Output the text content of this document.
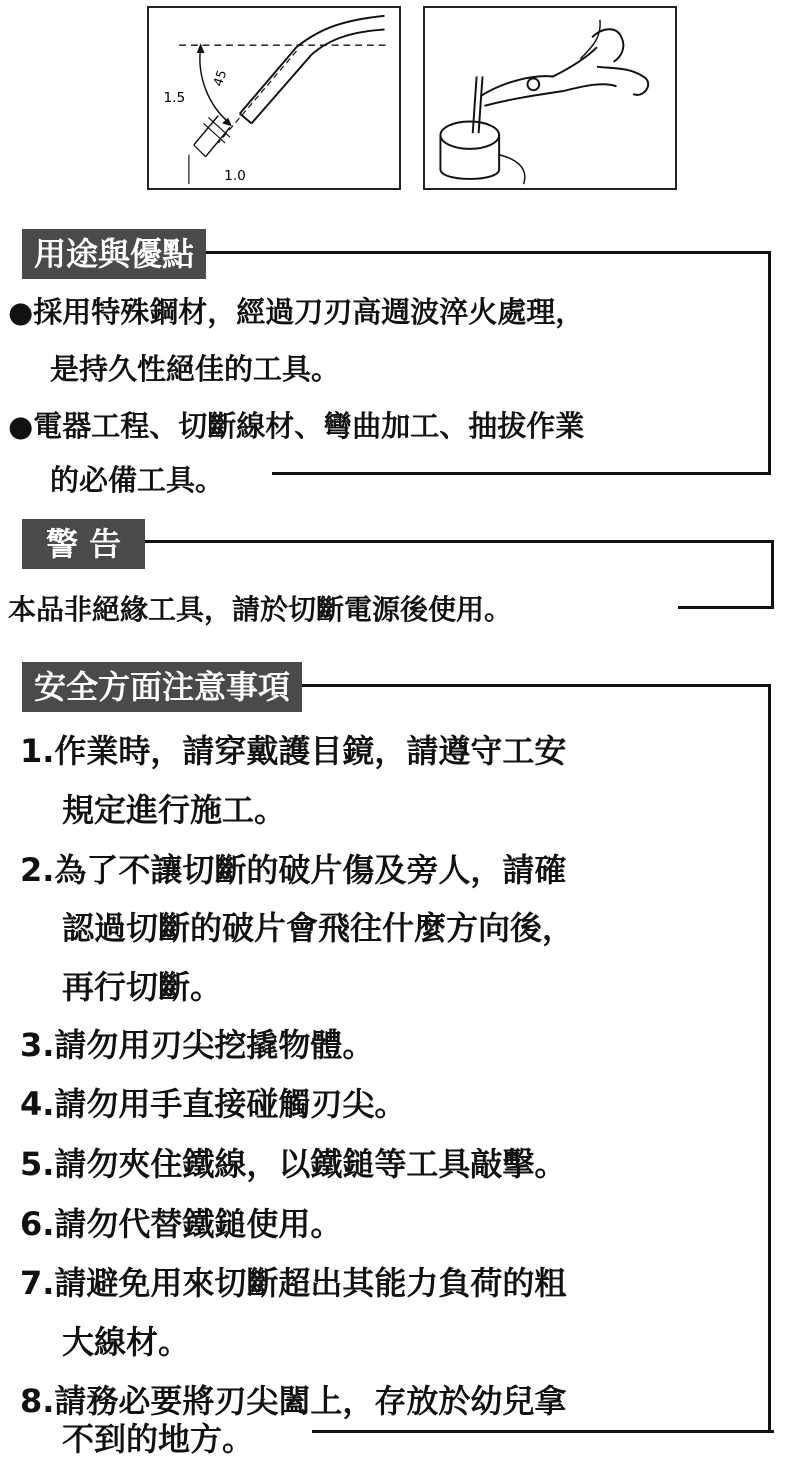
1.5
45
1.0
用途與優點
●採用特殊鋼材，經過刀刃高週波淬火處理，
是持久性絕佳的工具。
●電器工程、切斷線材、彎曲加工、抽拔作業
的必備工具。
警 告
本品非絕緣工具，請於切斷電源後使用。
安全方面注意事項
1.作業時，請穿戴護目鏡，請遵守工安
規定進行施工。
2.為了不讓切斷的破片傷及旁人，請確
認過切斷的破片會飛往什麼方向後，
再行切斷。
3.請勿用刃尖挖撬物體。
4.請勿用手直接碰觸刃尖。
5.請勿夾住鐵線，以鐵鎚等工具敲擊。
6.請勿代替鐵鎚使用。
7.請避免用來切斷超出其能力負荷的粗
大線材。
8.請務必要將刃尖闔上，存放於幼兒拿
不到的地方。
